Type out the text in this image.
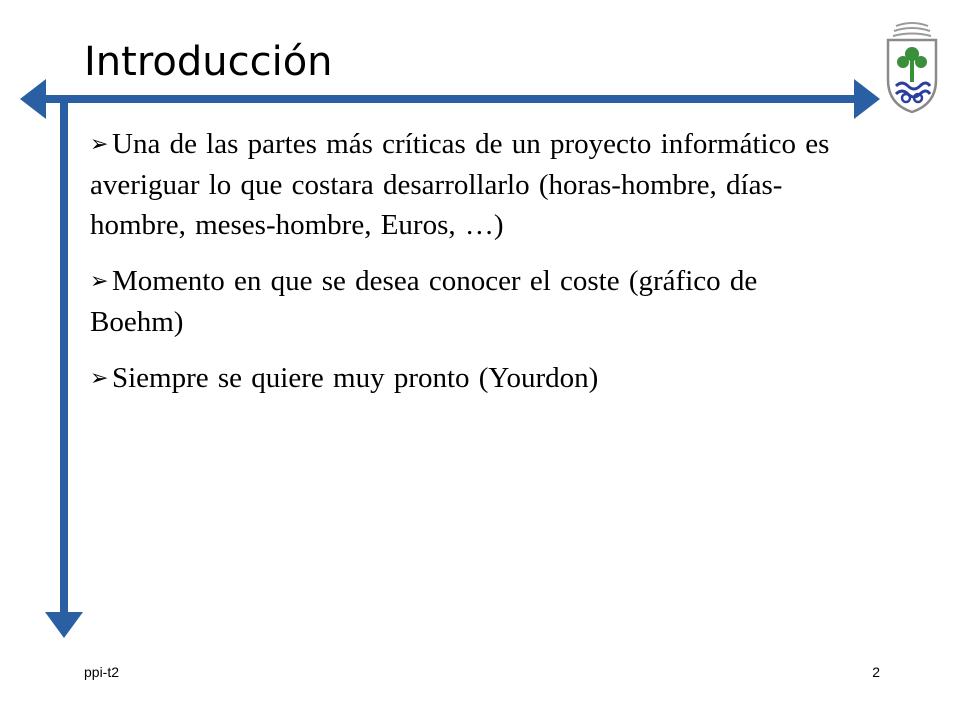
Introducción
➢ Una de las partes más críticas de un proyecto informático es averiguar lo que costara desarrollarlo (horas-hombre, días-hombre, meses-hombre, Euros, …)
➢ Momento en que se desea conocer el coste (gráfico de Boehm)
➢ Siempre se quiere muy pronto (Yourdon)
ppi-t2	2
